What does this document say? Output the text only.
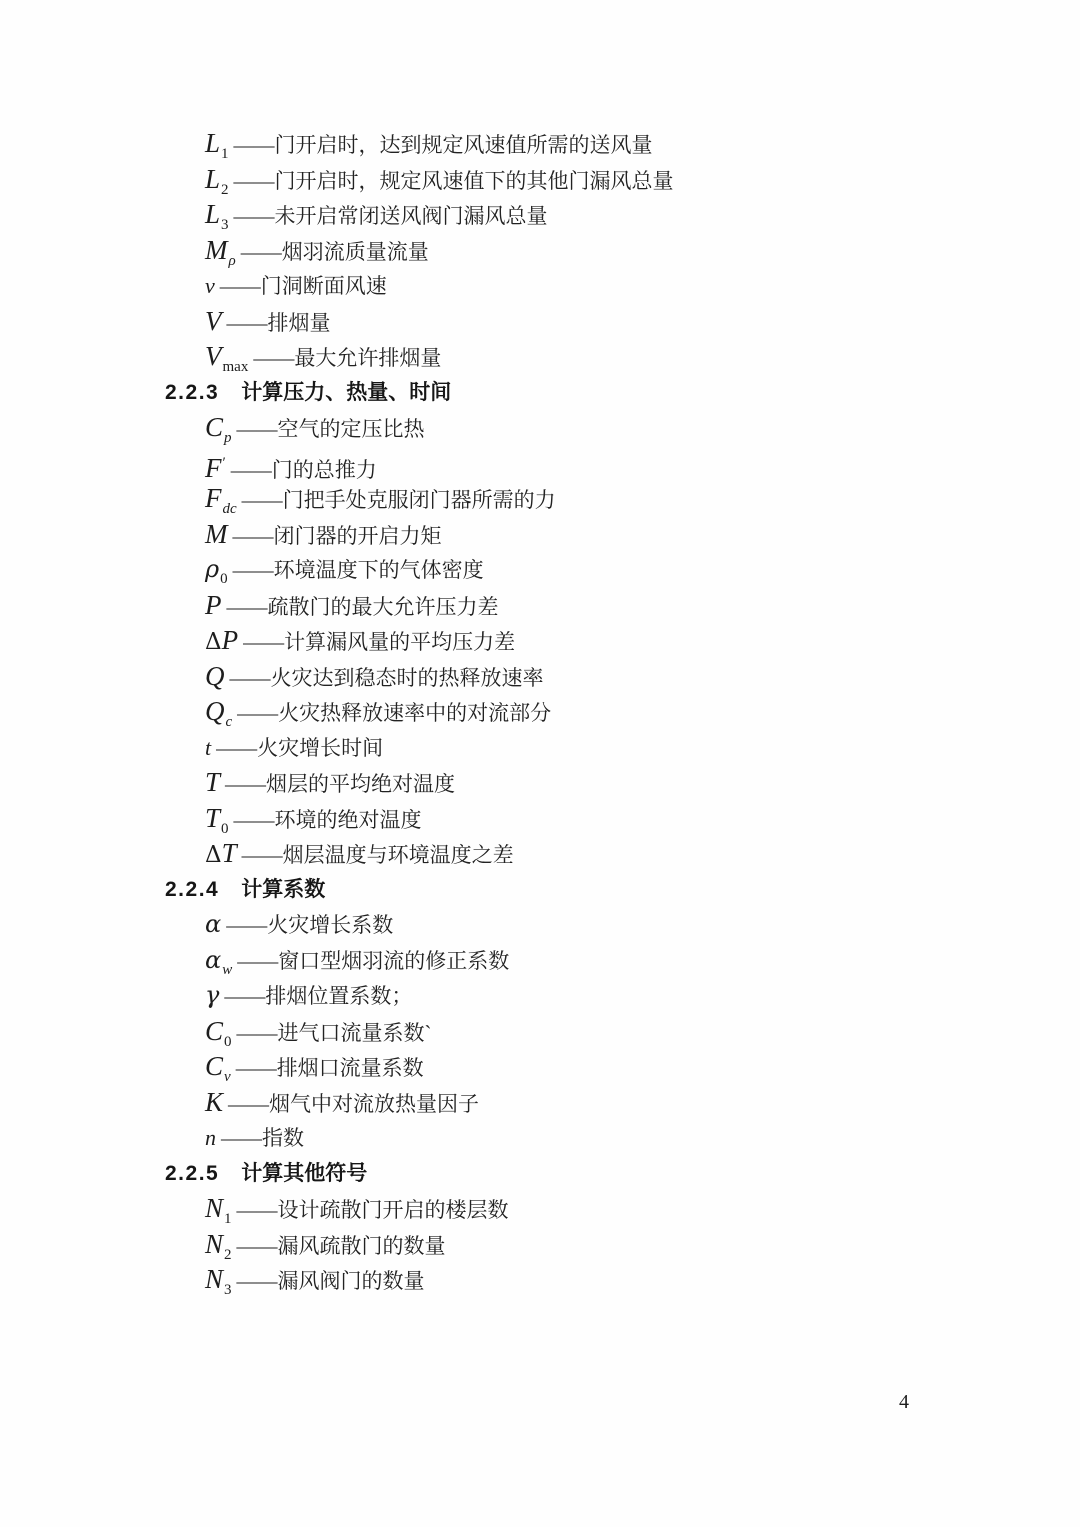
L1 ——门开启时，达到规定风速值所需的送风量
L2 ——门开启时，规定风速值下的其他门漏风总量
L3 ——未开启常闭送风阀门漏风总量
Mρ ——烟羽流质量流量
v ——门洞断面风速
V ——排烟量
Vmax ——最大允许排烟量
2.2.3 计算压力、热量、时间
Cp ——空气的定压比热
F′ ——门的总推力
Fdc ——门把手处克服闭门器所需的力
M ——闭门器的开启力矩
ρ0 ——环境温度下的气体密度
P ——疏散门的最大允许压力差
ΔP ——计算漏风量的平均压力差
Q ——火灾达到稳态时的热释放速率
Qc ——火灾热释放速率中的对流部分
t ——火灾增长时间
T ——烟层的平均绝对温度
T0 ——环境的绝对温度
ΔT ——烟层温度与环境温度之差
2.2.4 计算系数
α ——火灾增长系数
αw ——窗口型烟羽流的修正系数
γ ——排烟位置系数；
C0 ——进气口流量系数`
Cv ——排烟口流量系数
K ——烟气中对流放热量因子
n ——指数
2.2.5 计算其他符号
N1 ——设计疏散门开启的楼层数
N2 ——漏风疏散门的数量
N3 ——漏风阀门的数量
4
